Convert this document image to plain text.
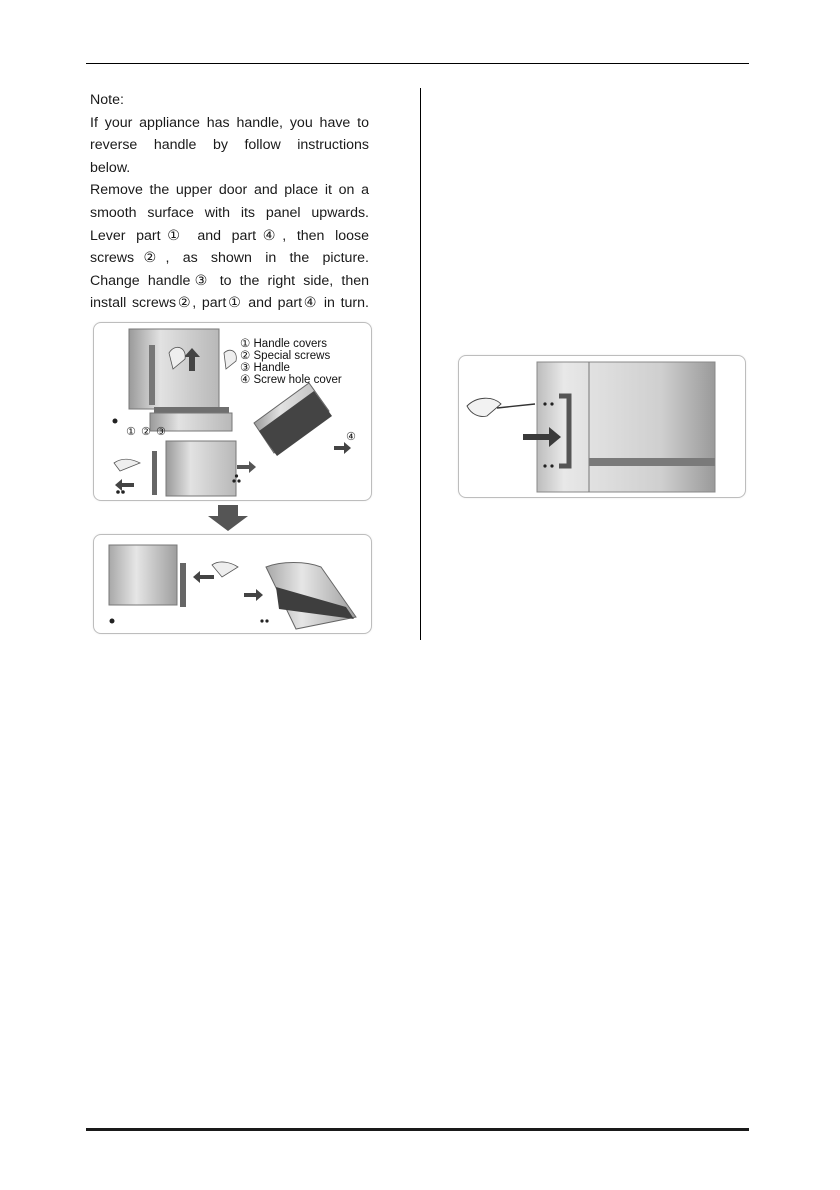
Note:

If your appliance has handle, you have to

reverse handle by follow instructions

below.

Remove the upper door and place it on a

smooth surface with its panel upwards.

Lever part① and part④, then loose

screws②, as shown in the picture.

Change handle③ to the right side, then

install screws②, part① and part④ in turn.

① ② ③	④
① Handle covers
② Special screws
③ Handle
④ Screw hole cover
